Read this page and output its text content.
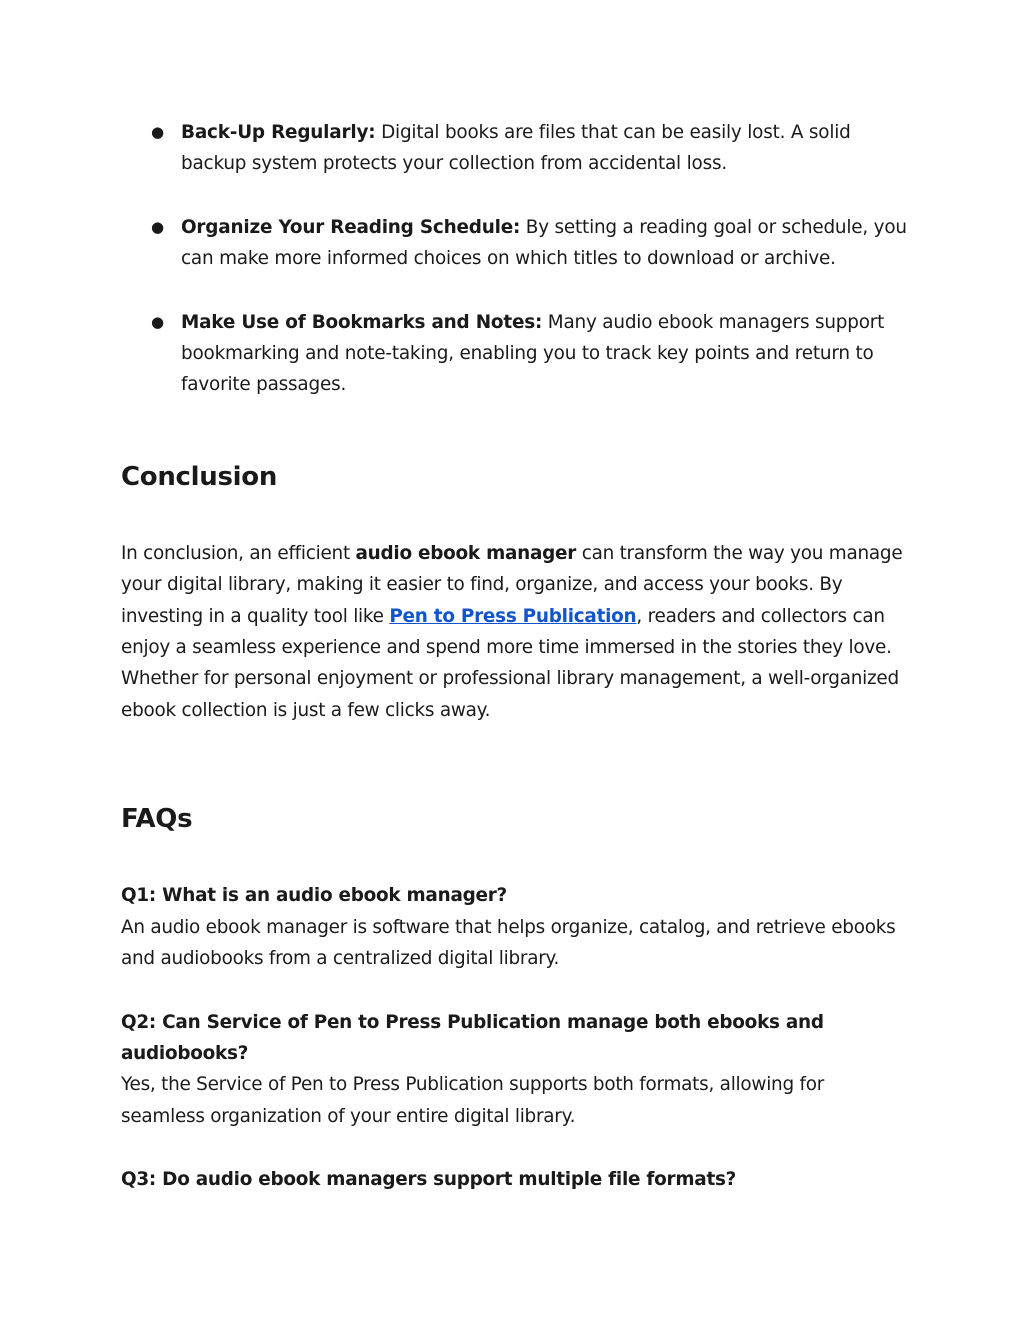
● Back-Up Regularly: Digital books are files that can be easily lost. A solid backup system protects your collection from accidental loss.
● Organize Your Reading Schedule: By setting a reading goal or schedule, you can make more informed choices on which titles to download or archive.
● Make Use of Bookmarks and Notes: Many audio ebook managers support bookmarking and note-taking, enabling you to track key points and return to favorite passages.
Conclusion

In conclusion, an efficient audio ebook manager can transform the way you manage your digital library, making it easier to find, organize, and access your books. By investing in a quality tool like Pen to Press Publication, readers and collectors can enjoy a seamless experience and spend more time immersed in the stories they love. Whether for personal enjoyment or professional library management, a well-organized ebook collection is just a few clicks away.

FAQs
Q1: What is an audio ebook manager?
An audio ebook manager is software that helps organize, catalog, and retrieve ebooks and audiobooks from a centralized digital library.
Q2: Can Service of Pen to Press Publication manage both ebooks and audiobooks?
Yes, the Service of Pen to Press Publication supports both formats, allowing for seamless organization of your entire digital library.
Q3: Do audio ebook managers support multiple file formats?
